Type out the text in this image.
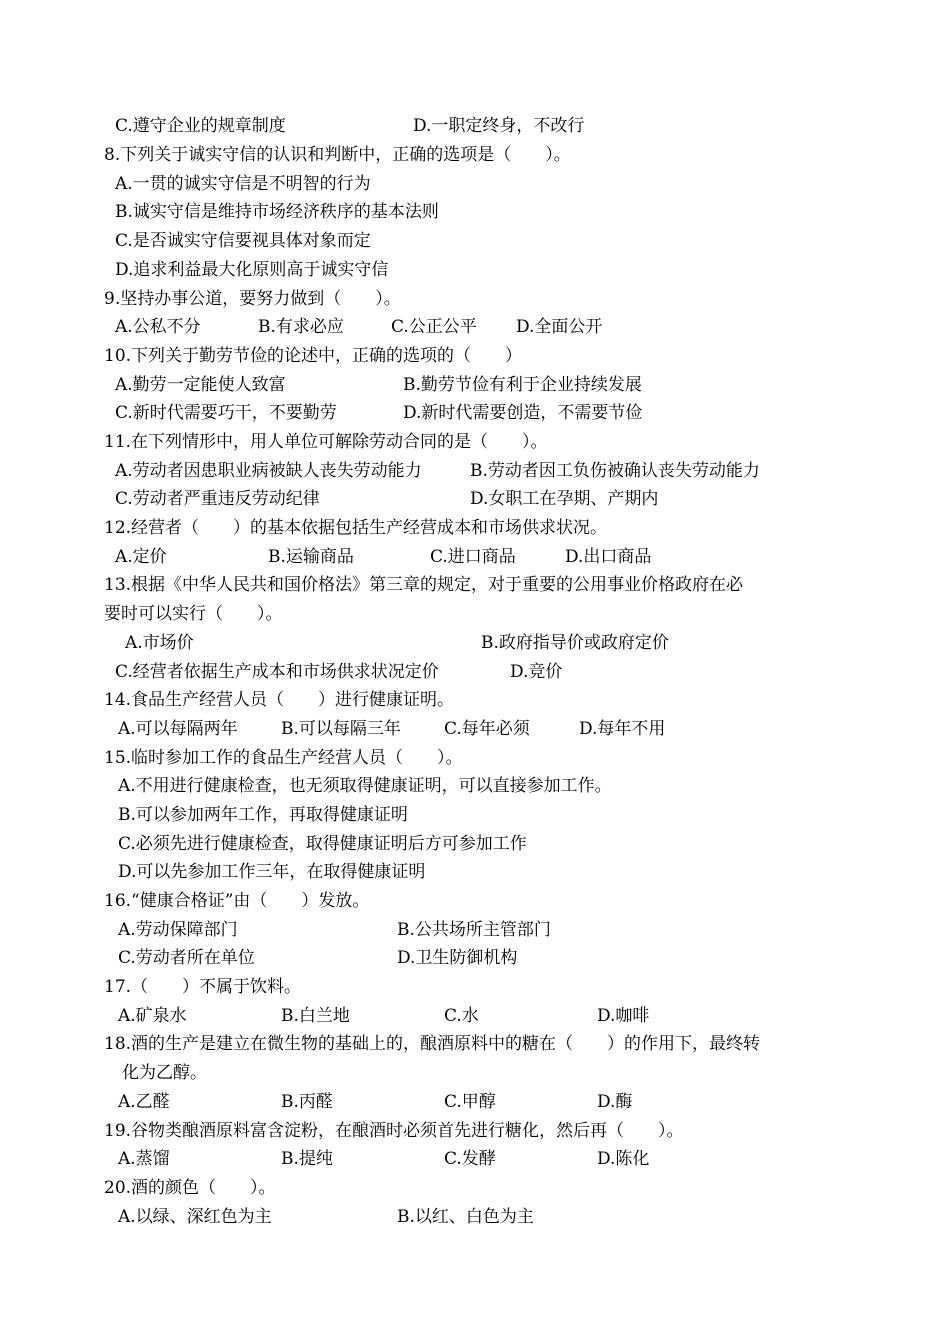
C.遵守企业的规章制度	D.一职定终身，不改行
8.下列关于诚实守信的认识和判断中，正确的选项是（　　）。
A.一贯的诚实守信是不明智的行为
B.诚实守信是维持市场经济秩序的基本法则
C.是否诚实守信要视具体对象而定
D.追求利益最大化原则高于诚实守信
9.坚持办事公道，要努力做到（　　）。
A.公私不分	B.有求必应	C.公正公平 D.全面公开
10.下列关于勤劳节俭的论述中，正确的选项的（　　）
A.勤劳一定能使人致富	B.勤劳节俭有利于企业持续发展
C.新时代需要巧干，不要勤劳	D.新时代需要创造，不需要节俭
11.在下列情形中，用人单位可解除劳动合同的是（　　）。
A.劳动者因患职业病被缺人丧失劳动能力	B.劳动者因工负伤被确认丧失劳动能力
C.劳动者严重违反劳动纪律	D.女职工在孕期、产期内
12.经营者（　　）的基本依据包括生产经营成本和市场供求状况。
A.定价	B.运输商品	C.进口商品	D.出口商品
13.根据《中华人民共和国价格法》第三章的规定，对于重要的公用事业价格政府在必
要时可以实行（　　）。
A.市场价	B.政府指导价或政府定价
C.经营者依据生产成本和市场供求状况定价	D.竞价
14.食品生产经营人员（　　）进行健康证明。
A.可以每隔两年	B.可以每隔三年	C.每年必须	D.每年不用
15.临时参加工作的食品生产经营人员（　　）。
A.不用进行健康检查，也无须取得健康证明，可以直接参加工作。
B.可以参加两年工作，再取得健康证明
C.必须先进行健康检查，取得健康证明后方可参加工作
D.可以先参加工作三年，在取得健康证明
16.“健康合格证”由（　　）发放。
A.劳动保障部门	B.公共场所主管部门
C.劳动者所在单位	D.卫生防御机构
17.（　　）不属于饮料。
A.矿泉水	B.白兰地	C.水	D.咖啡
18.酒的生产是建立在微生物的基础上的，酿酒原料中的糖在（　　）的作用下，最终转
化为乙醇。
A.乙醛	B.丙醛	C.甲醇	D.酶
19.谷物类酿酒原料富含淀粉，在酿酒时必须首先进行糖化，然后再（　　）。
A.蒸馏	B.提纯	C.发酵	D.陈化
20.酒的颜色（　　）。
A.以绿、深红色为主	B.以红、白色为主
